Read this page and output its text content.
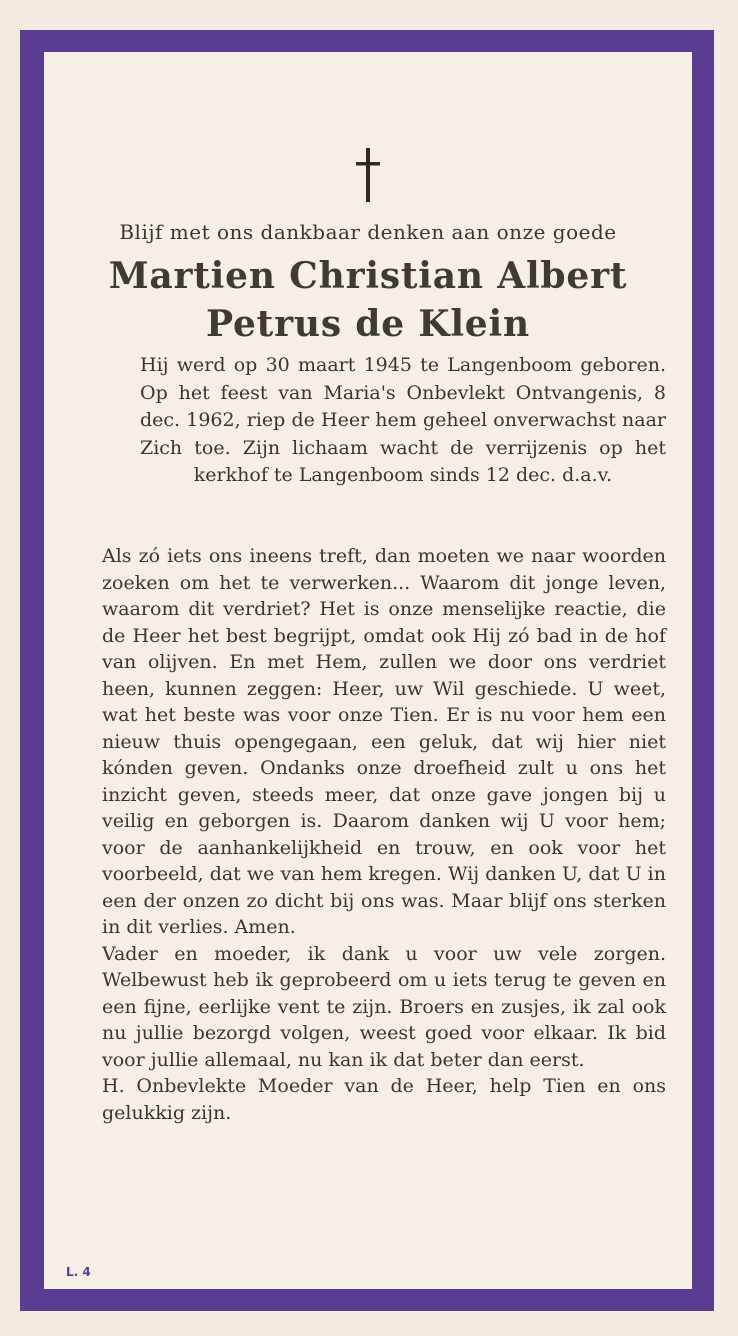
Blijf met ons dankbaar denken aan onze goede
Martien Christian Albert
Petrus de Klein
Hij werd op 30 maart 1945 te Langenboom geboren. Op het feest van Maria's Onbevlekt Ontvangenis, 8 dec. 1962, riep de Heer hem geheel onverwachst naar Zich toe. Zijn lichaam wacht de verrijzenis op het kerkhof te Langenboom sinds 12 dec. d.a.v.

Als zó iets ons ineens treft, dan moeten we naar woorden zoeken om het te verwerken... Waarom dit jonge leven, waarom dit verdriet? Het is onze menselijke reactie, die de Heer het best begrijpt, omdat ook Hij zó bad in de hof van olijven. En met Hem, zullen we door ons verdriet heen, kunnen zeggen: Heer, uw Wil geschiede. U weet, wat het beste was voor onze Tien. Er is nu voor hem een nieuw thuis opengegaan, een geluk, dat wij hier niet kónden geven. Ondanks onze droefheid zult u ons het inzicht geven, steeds meer, dat onze gave jongen bij u veilig en geborgen is. Daarom danken wij U voor hem; voor de aanhankelijkheid en trouw, en ook voor het voorbeeld, dat we van hem kregen. Wij danken U, dat U in een der onzen zo dicht bij ons was. Maar blijf ons sterken in dit verlies. Amen.

Vader en moeder, ik dank u voor uw vele zorgen. Welbewust heb ik geprobeerd om u iets terug te geven en een fijne, eerlijke vent te zijn. Broers en zusjes, ik zal ook nu jullie bezorgd volgen, weest goed voor elkaar. Ik bid voor jullie allemaal, nu kan ik dat beter dan eerst.

H. Onbevlekte Moeder van de Heer, help Tien en ons gelukkig zijn.

L. 4
